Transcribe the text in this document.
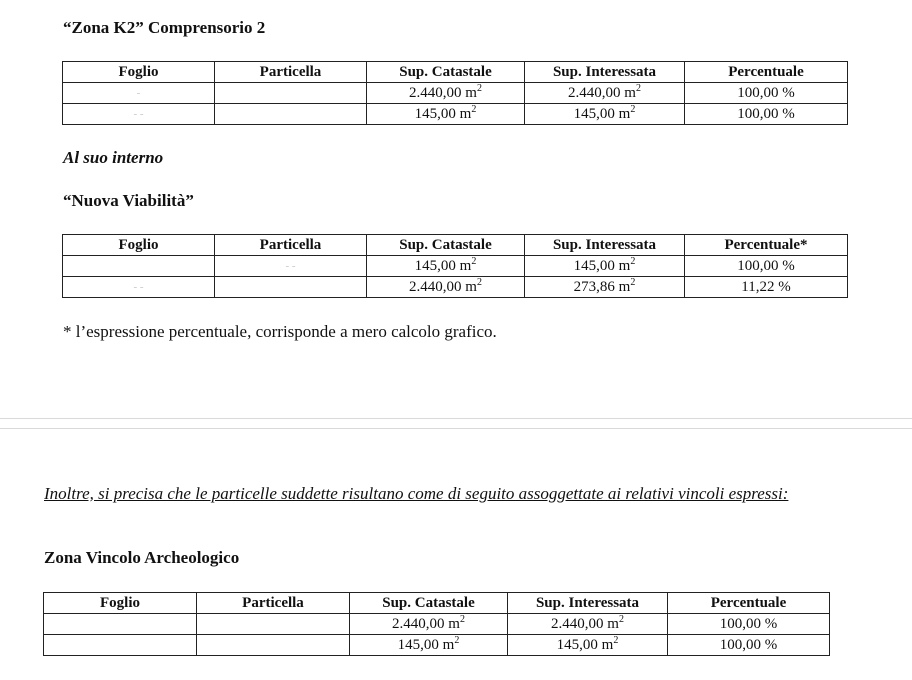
“Zona K2” Comprensorio 2
Foglio	Particella	Sup. Catastale	Sup. Interessata	Percentuale
-		2.440,00 $m^2$	2.440,00 $m^2$	100,00 %
- -		145,00 $m^2$	145,00 $m^2$	100,00 %
Al suo interno
“Nuova Viabilità”
Foglio	Particella	Sup. Catastale	Sup. Interessata	Percentuale*
	- -	145,00 $m^2$	145,00 $m^2$	100,00 %
- -		2.440,00 $m^2$	273,86 $m^2$	11,22 %
* l’espressione percentuale, corrisponde a mero calcolo grafico.
Inoltre, si precisa che le particelle suddette risultano come di seguito assoggettate ai relativi vincoli espressi:
Zona Vincolo Archeologico
Foglio	Particella	Sup. Catastale	Sup. Interessata	Percentuale
		2.440,00 $m^2$	2.440,00 $m^2$	100,00 %
		145,00 $m^2$	145,00 $m^2$	100,00 %
